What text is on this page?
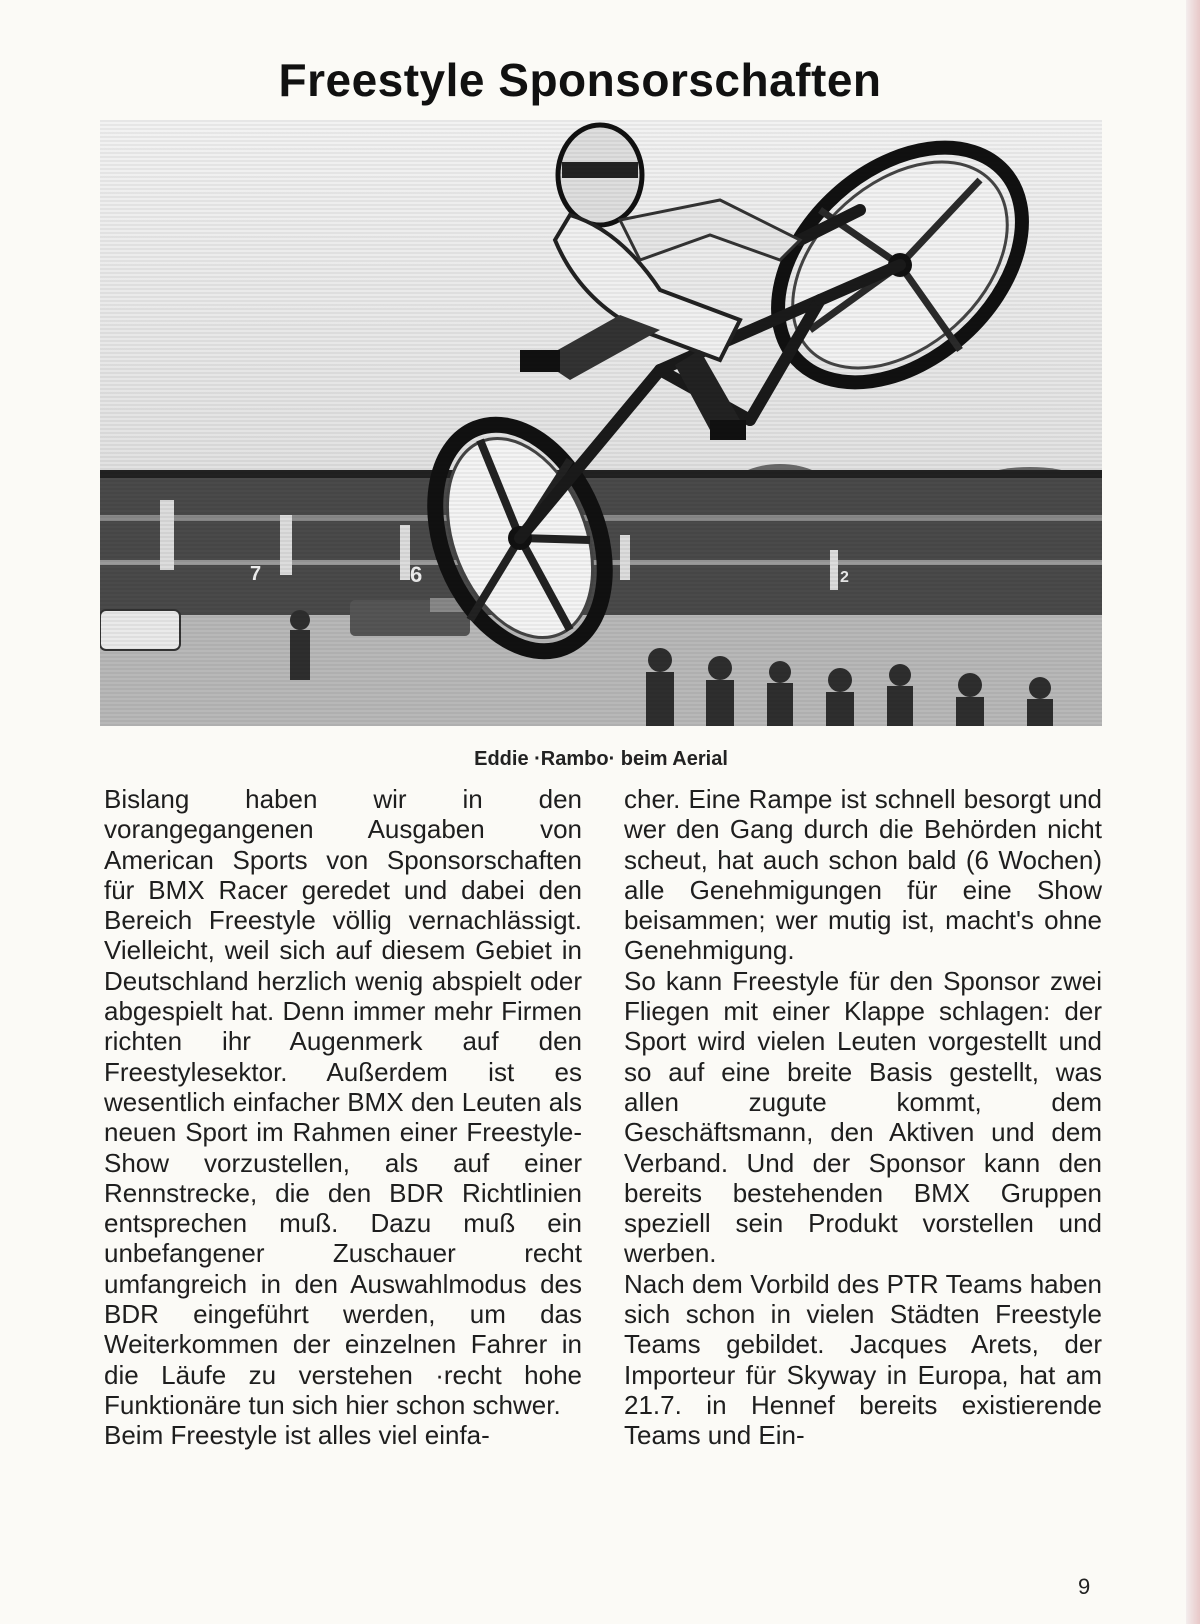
Freestyle Sponsorschaften
Eddie ·Rambo· beim Aerial

Bislang haben wir in den vorangegangenen Ausgaben von American Sports von Sponsorschaften für BMX Racer geredet und dabei den Bereich Freestyle völlig vernachlässigt. Vielleicht, weil sich auf diesem Gebiet in Deutschland herzlich wenig abspielt oder abgespielt hat. Denn immer mehr Firmen richten ihr Augenmerk auf den Freestylesektor. Außerdem ist es wesentlich einfacher BMX den Leuten als neuen Sport im Rahmen einer Freestyle-Show vorzustellen, als auf einer Rennstrecke, die den BDR Richtlinien entsprechen muß. Dazu muß ein unbefangener Zuschauer recht umfangreich in den Auswahlmodus des BDR eingeführt werden, um das Weiterkommen der einzelnen Fahrer in die Läufe zu verstehen ·recht hohe Funktionäre tun sich hier schon schwer.

Beim Freestyle ist alles viel einfa-

cher. Eine Rampe ist schnell besorgt und wer den Gang durch die Behörden nicht scheut, hat auch schon bald (6 Wochen) alle Genehmigungen für eine Show beisammen; wer mutig ist, macht's ohne Genehmigung.

So kann Freestyle für den Sponsor zwei Fliegen mit einer Klappe schlagen: der Sport wird vielen Leuten vorgestellt und so auf eine breite Basis gestellt, was allen zugute kommt, dem Geschäftsmann, den Aktiven und dem Verband. Und der Sponsor kann den bereits bestehenden BMX Gruppen speziell sein Produkt vorstellen und werben.

Nach dem Vorbild des PTR Teams haben sich schon in vielen Städten Freestyle Teams gebildet. Jacques Arets, der Importeur für Skyway in Europa, hat am 21.7. in Hennef bereits existierende Teams und Ein-

9
